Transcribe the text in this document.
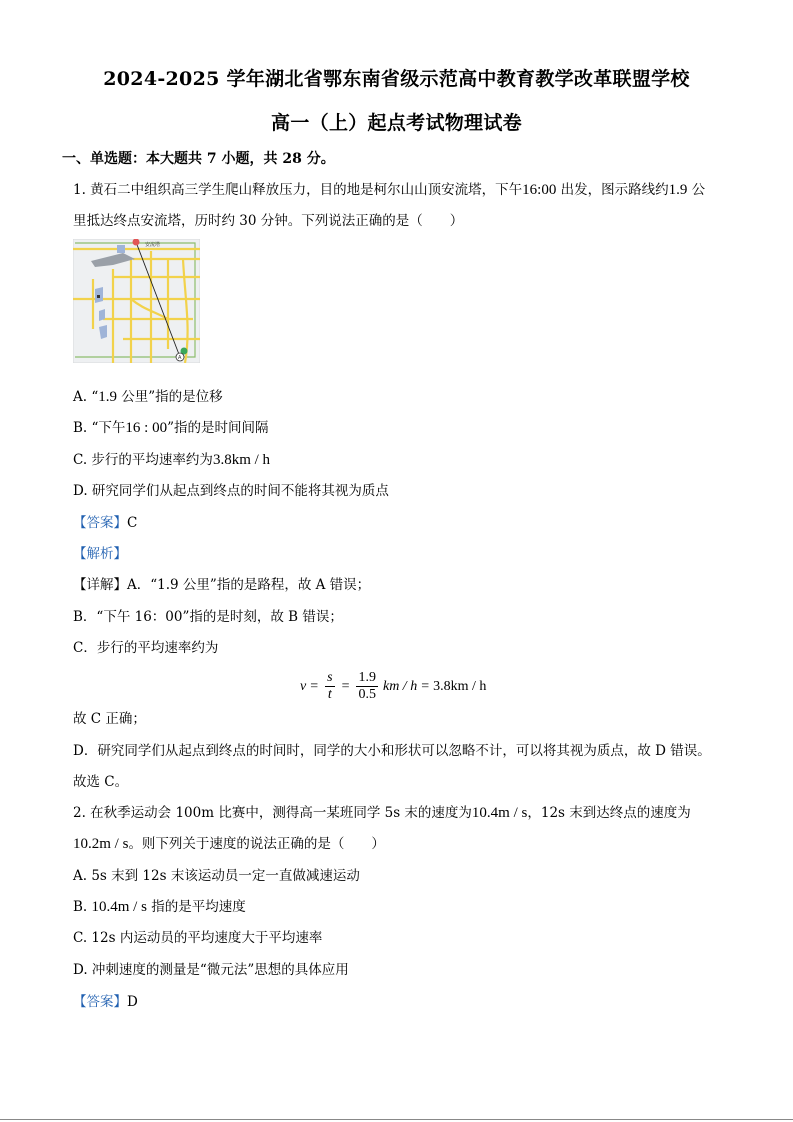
2024-2025 学年湖北省鄂东南省级示范高中教育教学改革联盟学校
高一（上）起点考试物理试卷
一、单选题：本大题共 7 小题，共 28 分。
1. 黄石二中组织高三学生爬山释放压力，目的地是柯尔山山顶安流塔，下午16:00 出发，图示路线约1.9 公
里抵达终点安流塔，历时约 30 分钟。下列说法正确的是（　　）
安流塔
A
A. “1.9 公里”指的是位移
B. “下午16 : 00”指的是时间间隔
C. 步行的平均速率约为3.8km / h
D. 研究同学们从起点到终点的时间不能将其视为质点
【答案】C
【解析】
【详解】A．“1.9 公里”指的是路程，故 A 错误；
B．“下午 16：00”指的是时刻，故 B 错误；
C．步行的平均速率约为
$v = \frac{s}{t} = \frac{1.9}{0.5}$ km / h = 3.8km / h
故 C 正确；
D．研究同学们从起点到终点的时间时，同学的大小和形状可以忽略不计，可以将其视为质点，故 D 错误。
故选 C。
2. 在秋季运动会 100m 比赛中，测得高一某班同学 5s 末的速度为10.4m / s，12s 末到达终点的速度为
10.2m / s。则下列关于速度的说法正确的是（　　）
A. 5s 末到 12s 末该运动员一定一直做减速运动
B. 10.4m / s 指的是平均速度
C. 12s 内运动员的平均速度大于平均速率
D. 冲刺速度的测量是“微元法”思想的具体应用
【答案】D
